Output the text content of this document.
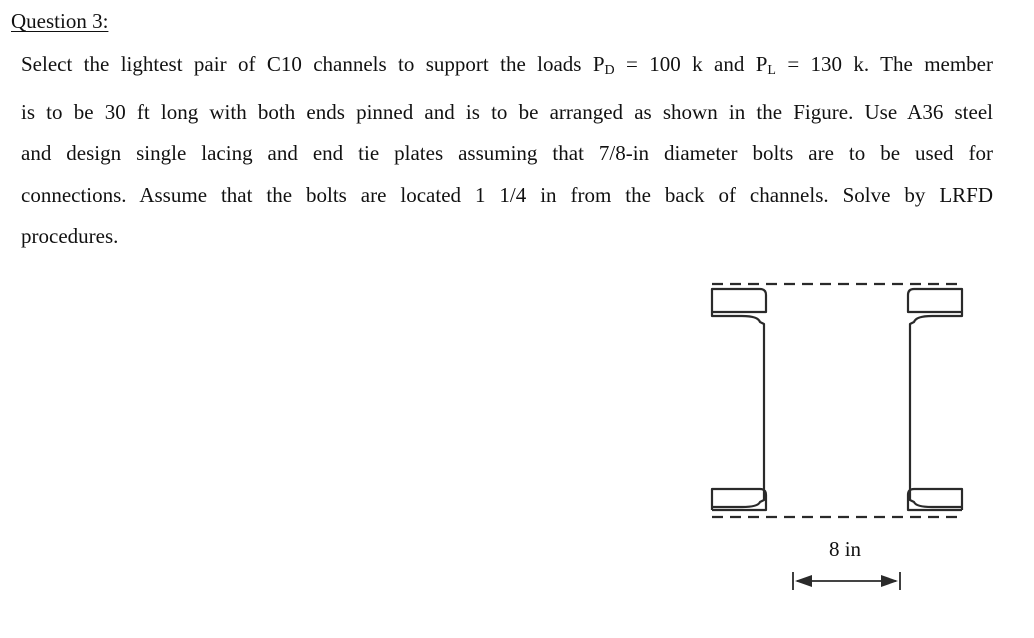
Question 3:
Select the lightest pair of C10 channels to support the loads $P_D = 100$ k and $P_L = 130$ k. The member
is to be 30 ft long with both ends pinned and is to be arranged as shown in the Figure. Use A36 steel
and design single lacing and end tie plates assuming that 7/8-in diameter bolts are to be used for
connections. Assume that the bolts are located 1 1/4 in from the back of channels. Solve by LRFD
procedures.
8 in
